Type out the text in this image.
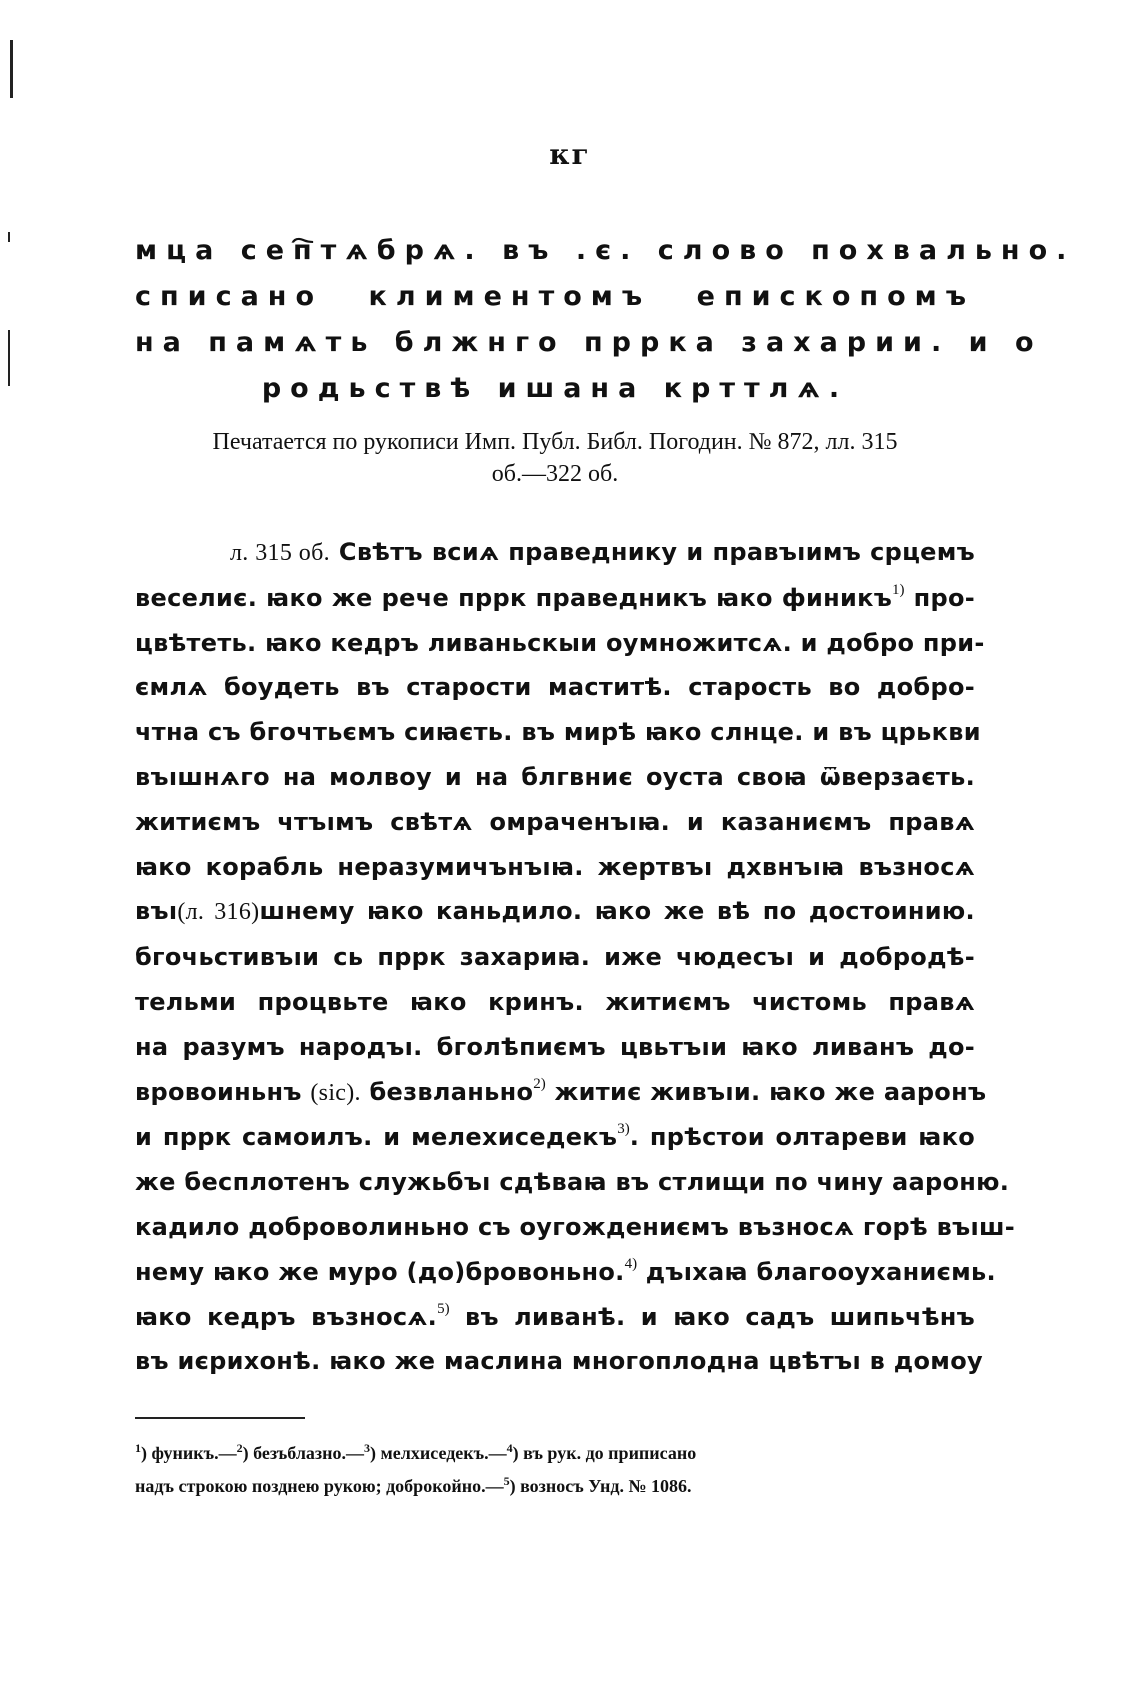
кг
мца сеп҇тѧбрѧ. въ .є. слово похвально.
списано климентомъ епископомъ
на памѧть блжнго пррка захарии. и о
родьствѣ ишана крттлѧ.
Печатается по рукописи Имп. Публ. Библ. Погодин. № 872, лл. 315
об.—322 об.
л. 315 об. Свѣтъ всиѧ праведнику и правъıимъ срцемъ
веселиє. ꙗко же рече пррк праведникъ ꙗко финикъ$^{1)}$ про-
цвѣтеть. ꙗко кедръ ливаньскыи оумножитсѧ. и добро при-
ємлѧ боудеть въ старости маститѣ. старость во добро-
чтна съ бгочтьємъ сиꙗєть. въ мирѣ ꙗко слнце. и въ црькви
въıшнѧго на молвоу и на блгвниє оуста своꙗ ѿверзаєть.
житиємъ чтъıмъ свѣтѧ омраченъıꙗ. и казаниємъ правѧ
ꙗко корабль неразумичънъıꙗ. жертвъı дхвнъıꙗ възносѧ
въı(л. 316)шнему ꙗко каньдило. ꙗко же вѣ по достоинию.
бгочьстивъıи сь пррк захариꙗ. иже чюдесъı и добродѣ-
тельми процвьте ꙗко кринъ. житиємъ чистомь правѧ
на разумъ народъı. бголѣпиємъ цвьтъıи ꙗко ливанъ до-
вровоиньнъ (sic). безвланьно$^{2)}$ житиє живъıи. ꙗко же ааронъ
и пррк самоилъ. и мелехиседекъ$^{3)}$. прѣстои олтареви ꙗко
же бесплотенъ служьбъı сдѣваꙗ въ стлищи по чину аароню.
кадило доброволиньно съ оугождениємъ възносѧ горѣ въıш-
нему ꙗко же муро (до)бровоньно.$^{4)}$ дъıхаꙗ благооуханиємь.
ꙗко кедръ възносѧ.$^{5)}$ въ ливанѣ. и ꙗко садъ шипьчѣнъ
въ иєрихонѣ. ꙗко же маслина многоплодна цвѣтъı в домоу
$^1$) фуникъ.—$^2$) безъблазно.—$^3$) мелхиседекъ.—$^4$) въ рук. до приписано
надъ строкою позднею рукою; доброкойно.—$^5$) возносъ Унд. № 1086.
